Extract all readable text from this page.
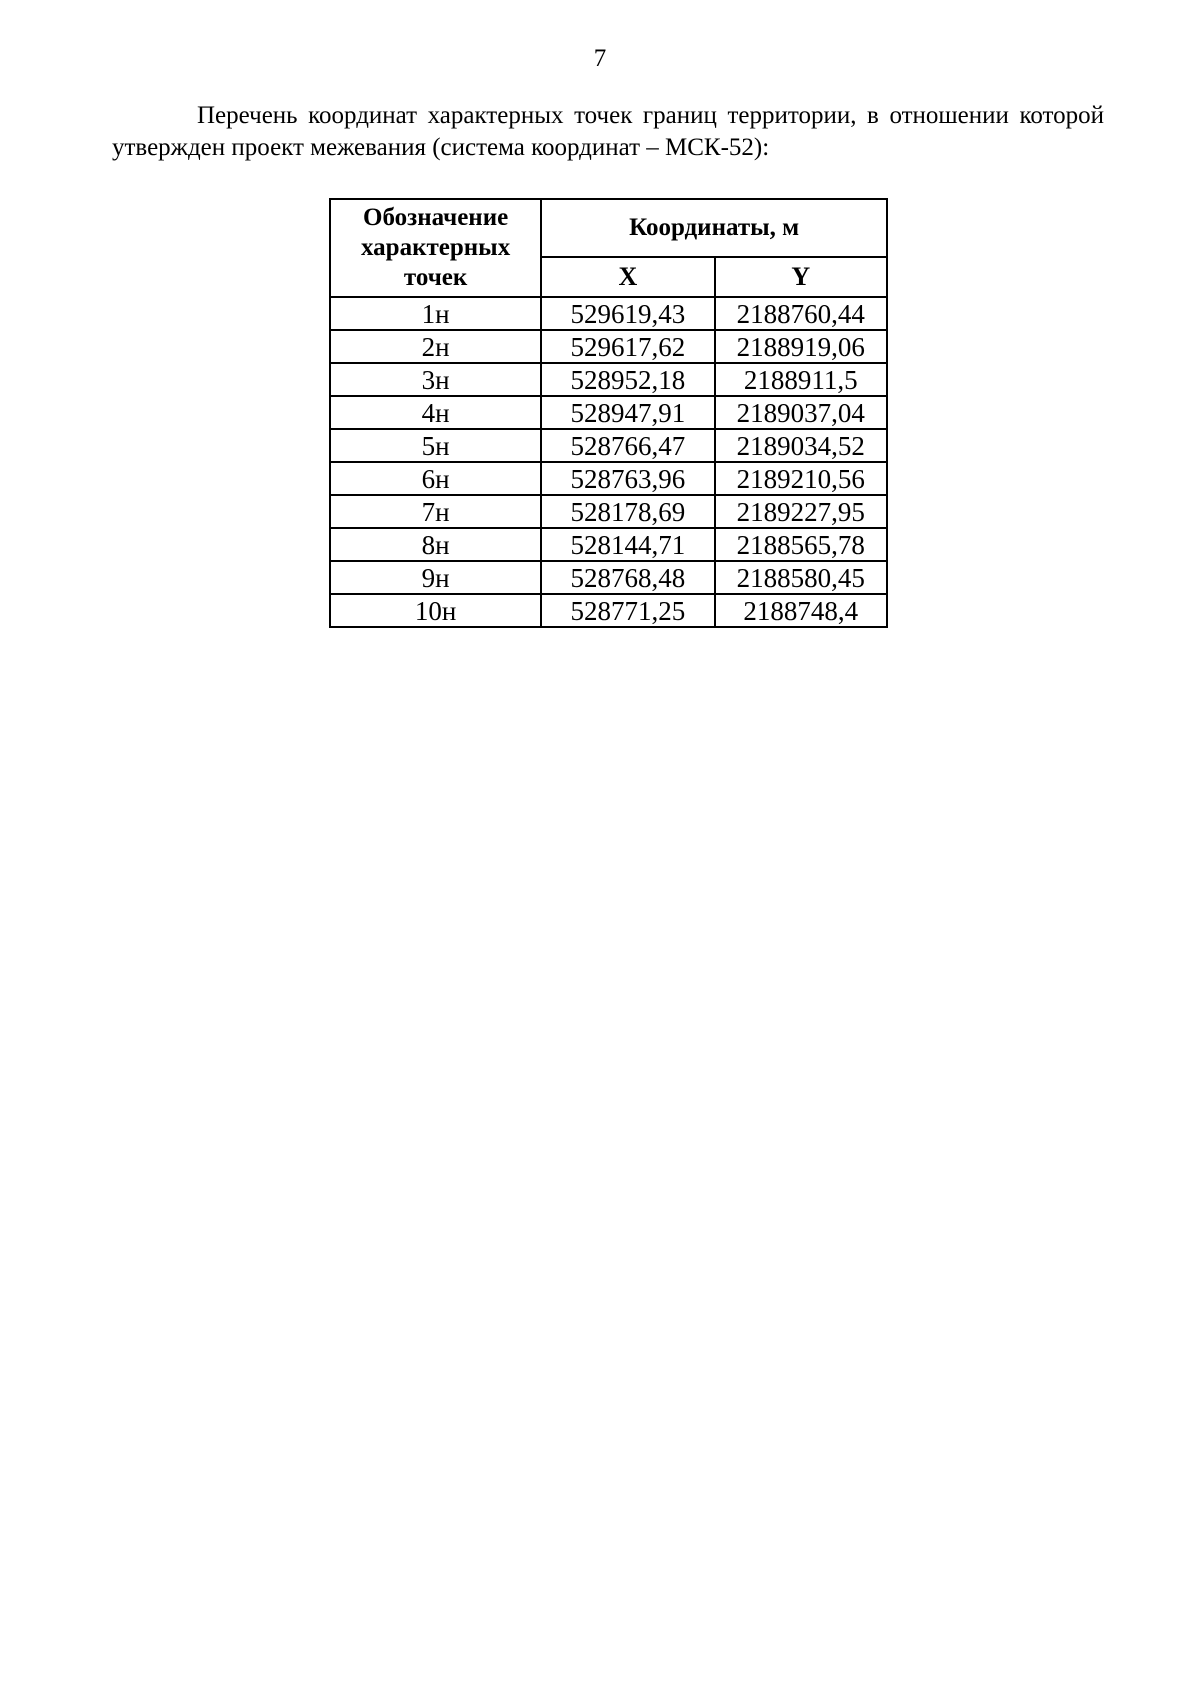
7

Перечень координат характерных точек границ территории, в отношении которой утвержден проект межевания (система координат – МСК-52):

Обозначение характерных точек	Координаты, м	
	X	Y
1н	529619,43	2188760,44
2н	529617,62	2188919,06
3н	528952,18	2188911,5
4н	528947,91	2189037,04
5н	528766,47	2189034,52
6н	528763,96	2189210,56
7н	528178,69	2189227,95
8н	528144,71	2188565,78
9н	528768,48	2188580,45
10н	528771,25	2188748,4
